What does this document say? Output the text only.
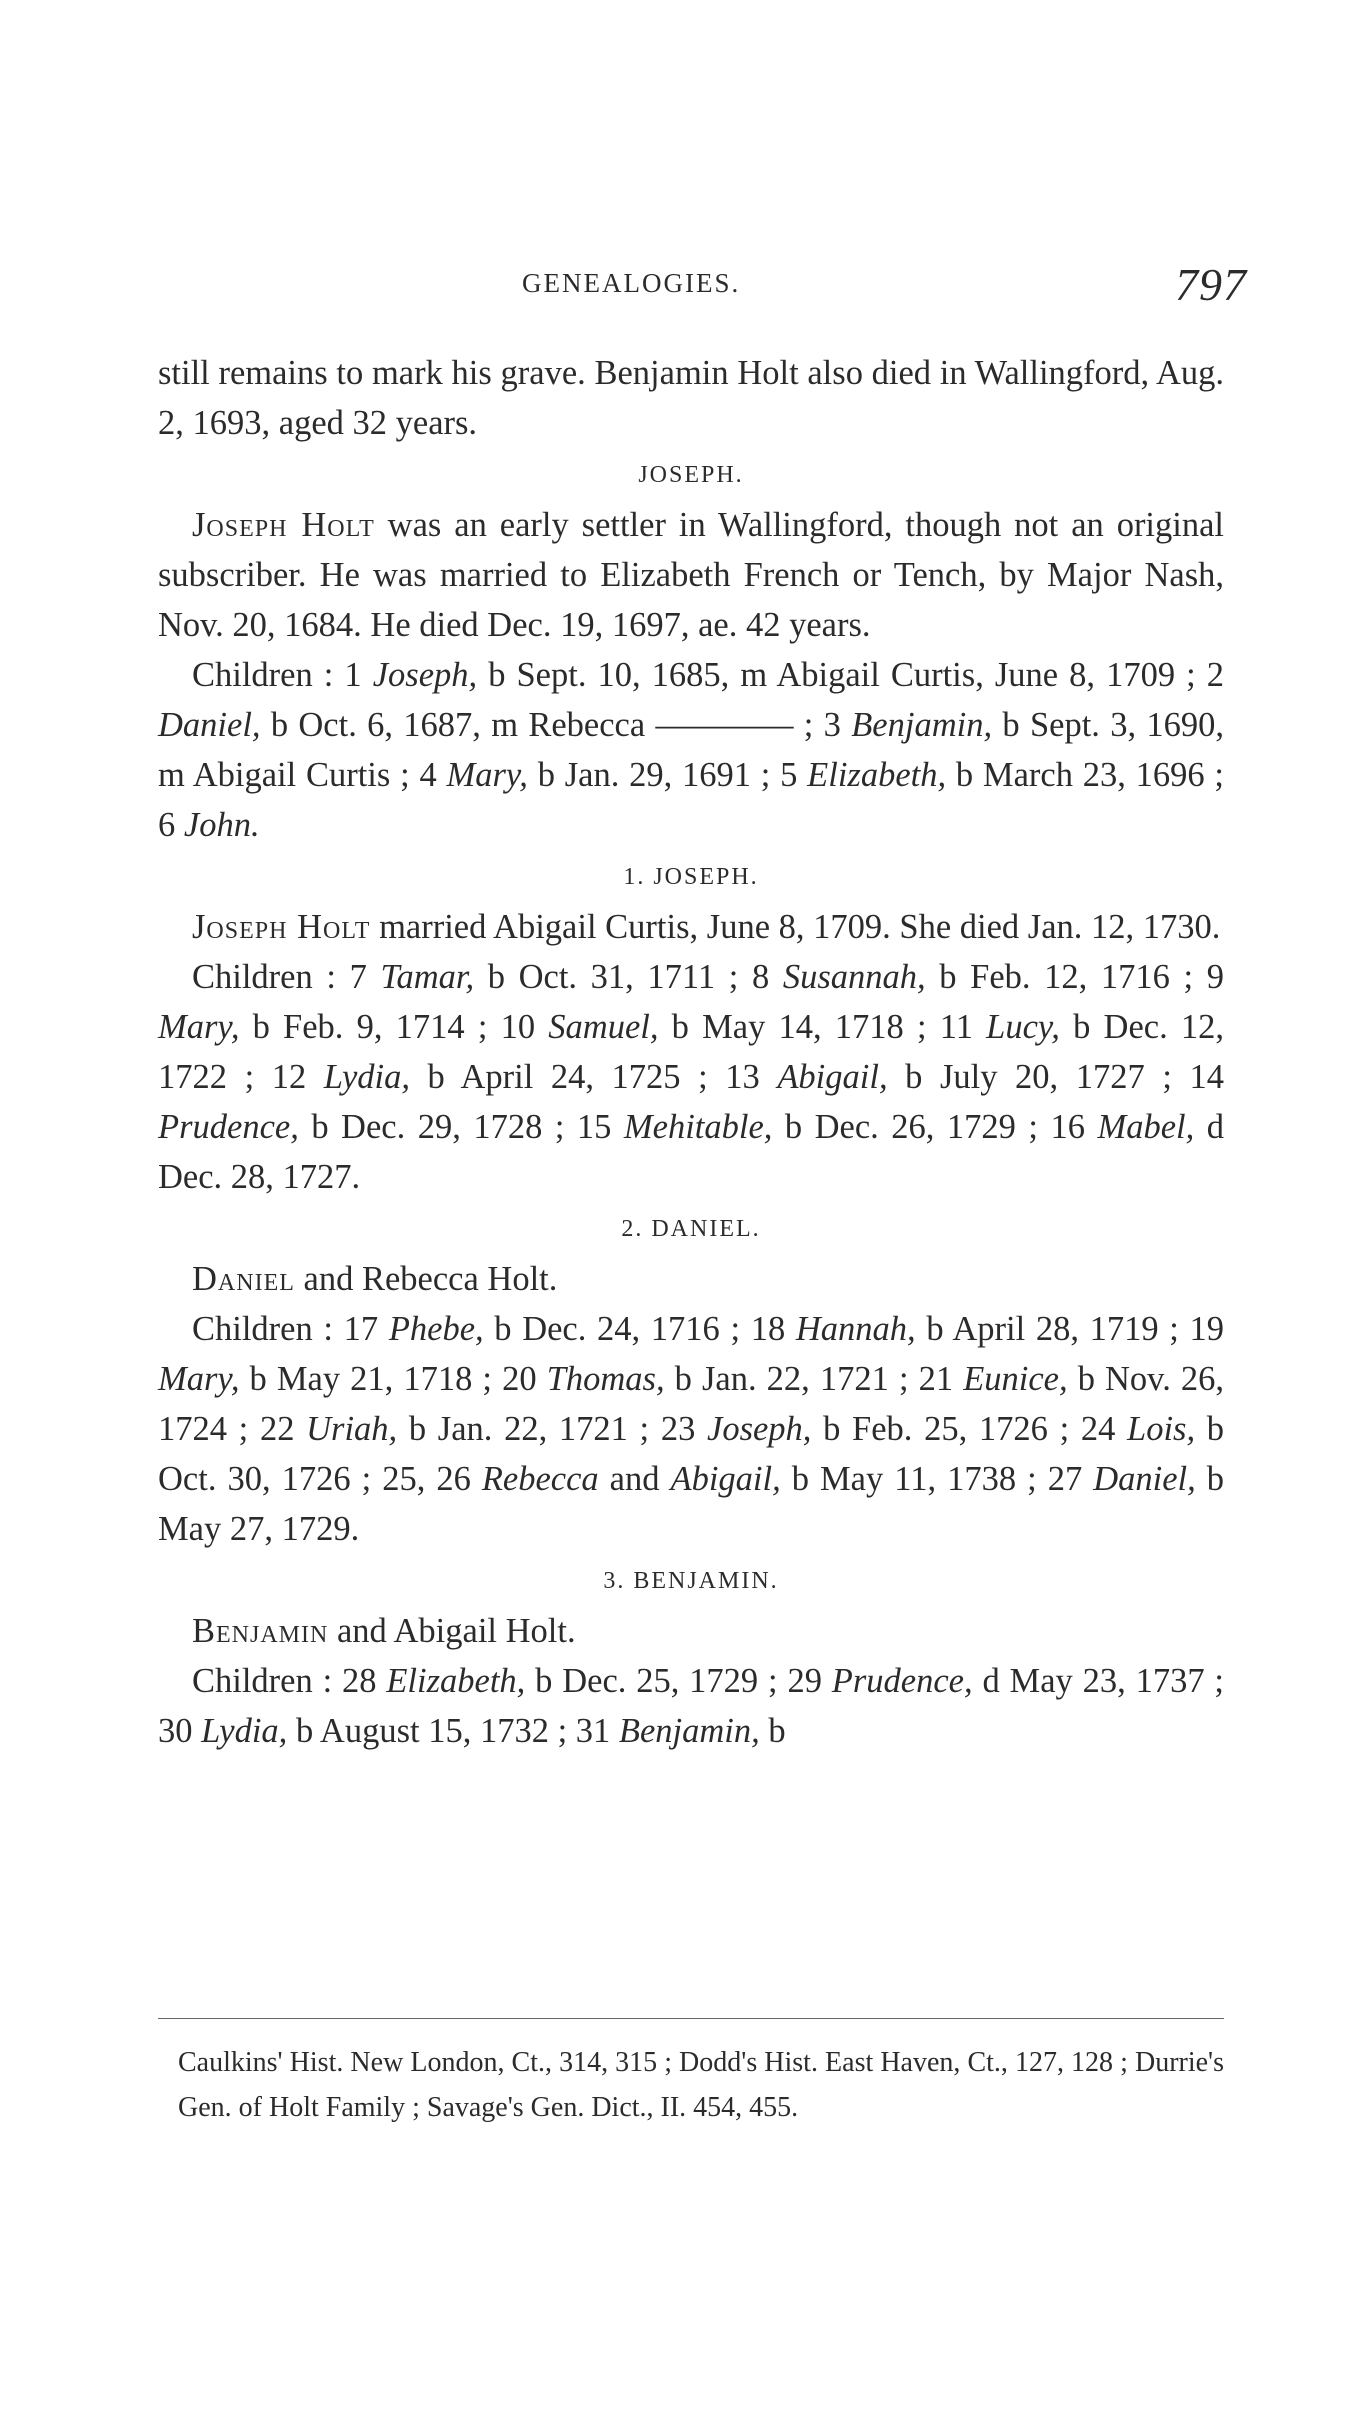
GENEALOGIES.	797

still remains to mark his grave. Benjamin Holt also died in Wallingford, Aug. 2, 1693, aged 32 years.

JOSEPH.

Joseph Holt was an early settler in Wallingford, though not an original subscriber. He was married to Elizabeth French or Tench, by Major Nash, Nov. 20, 1684. He died Dec. 19, 1697, ae. 42 years.

Children : 1 Joseph, b Sept. 10, 1685, m Abigail Curtis, June 8, 1709 ; 2 Daniel, b Oct. 6, 1687, m Rebecca ———— ; 3 Benjamin, b Sept. 3, 1690, m Abigail Curtis ; 4 Mary, b Jan. 29, 1691 ; 5 Elizabeth, b March 23, 1696 ; 6 John.

1. JOSEPH.

Joseph Holt married Abigail Curtis, June 8, 1709. She died Jan. 12, 1730.

Children : 7 Tamar, b Oct. 31, 1711 ; 8 Susannah, b Feb. 12, 1716 ; 9 Mary, b Feb. 9, 1714 ; 10 Samuel, b May 14, 1718 ; 11 Lucy, b Dec. 12, 1722 ; 12 Lydia, b April 24, 1725 ; 13 Abigail, b July 20, 1727 ; 14 Prudence, b Dec. 29, 1728 ; 15 Mehitable, b Dec. 26, 1729 ; 16 Mabel, d Dec. 28, 1727.

2. DANIEL.

Daniel and Rebecca Holt.

Children : 17 Phebe, b Dec. 24, 1716 ; 18 Hannah, b April 28, 1719 ; 19 Mary, b May 21, 1718 ; 20 Thomas, b Jan. 22, 1721 ; 21 Eunice, b Nov. 26, 1724 ; 22 Uriah, b Jan. 22, 1721 ; 23 Joseph, b Feb. 25, 1726 ; 24 Lois, b Oct. 30, 1726 ; 25, 26 Rebecca and Abigail, b May 11, 1738 ; 27 Daniel, b May 27, 1729.

3. BENJAMIN.

Benjamin and Abigail Holt.

Children : 28 Elizabeth, b Dec. 25, 1729 ; 29 Prudence, d May 23, 1737 ; 30 Lydia, b August 15, 1732 ; 31 Benjamin, b

Caulkins' Hist. New London, Ct., 314, 315 ; Dodd's Hist. East Haven, Ct., 127, 128 ; Durrie's Gen. of Holt Family ; Savage's Gen. Dict., II. 454, 455.
